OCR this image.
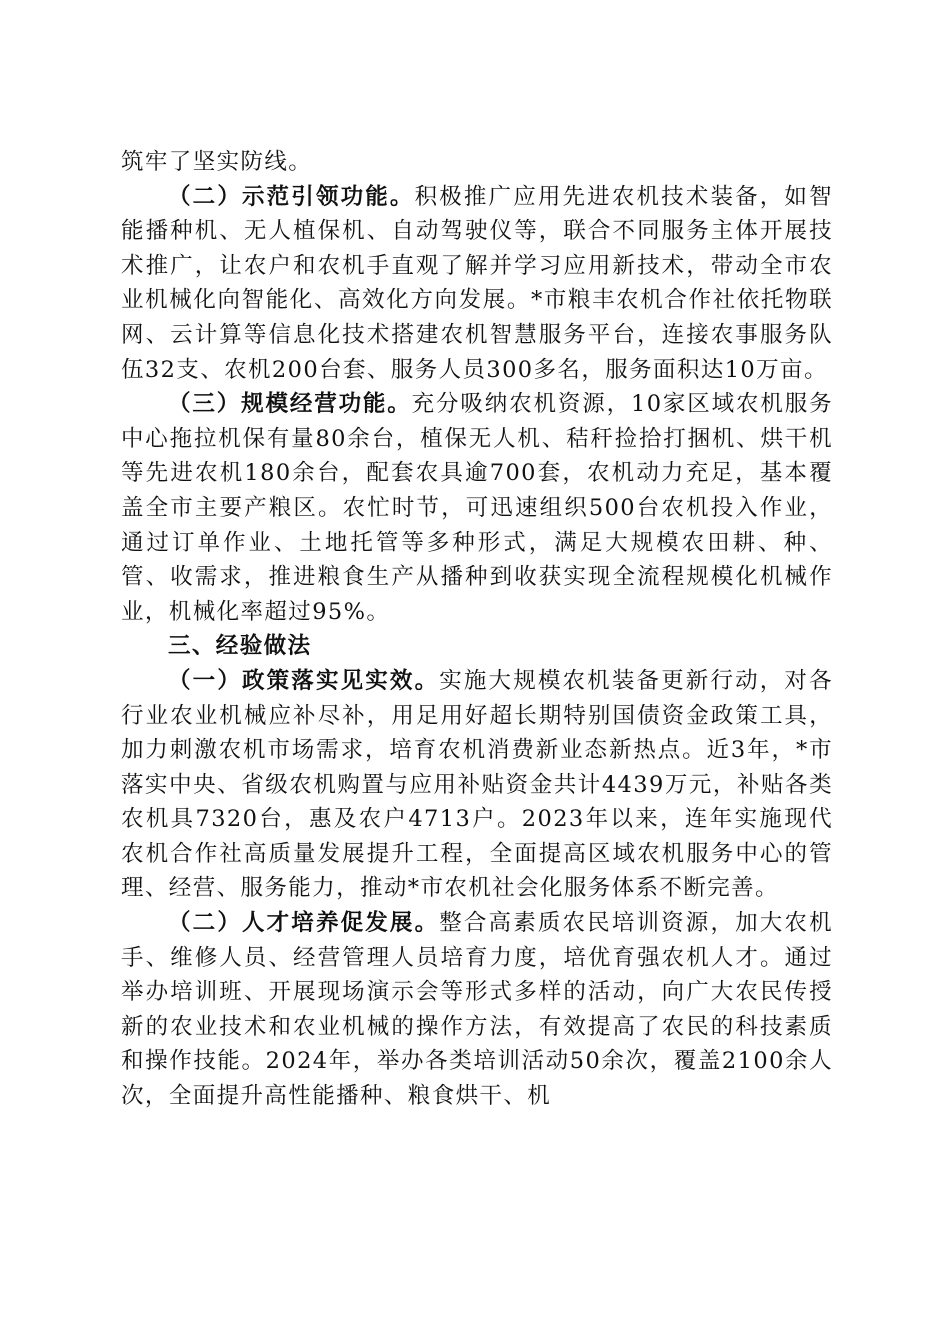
筑牢了坚实防线。

（二）示范引领功能。积极推广应用先进农机技术装备，如智能播种机、无人植保机、自动驾驶仪等，联合不同服务主体开展技术推广，让农户和农机手直观了解并学习应用新技术，带动全市农业机械化向智能化、高效化方向发展。*市粮丰农机合作社依托物联网、云计算等信息化技术搭建农机智慧服务平台，连接农事服务队伍32支、农机200台套、服务人员300多名，服务面积达10万亩。

（三）规模经营功能。充分吸纳农机资源，10家区域农机服务中心拖拉机保有量80余台，植保无人机、秸秆捡拾打捆机、烘干机等先进农机180余台，配套农具逾700套，农机动力充足，基本覆盖全市主要产粮区。农忙时节，可迅速组织500台农机投入作业，通过订单作业、土地托管等多种形式，满足大规模农田耕、种、管、收需求，推进粮食生产从播种到收获实现全流程规模化机械作业，机械化率超过95%。

三、经验做法

（一）政策落实见实效。实施大规模农机装备更新行动，对各行业农业机械应补尽补，用足用好超长期特别国债资金政策工具，加力刺激农机市场需求，培育农机消费新业态新热点。近3年，*市落实中央、省级农机购置与应用补贴资金共计4439万元，补贴各类农机具7320台，惠及农户4713户。2023年以来，连年实施现代农机合作社高质量发展提升工程，全面提高区域农机服务中心的管理、经营、服务能力，推动*市农机社会化服务体系不断完善。

（二）人才培养促发展。整合高素质农民培训资源，加大农机手、维修人员、经营管理人员培育力度，培优育强农机人才。通过举办培训班、开展现场演示会等形式多样的活动，向广大农民传授新的农业技术和农业机械的操作方法，有效提高了农民的科技素质和操作技能。2024年，举办各类培训活动50余次，覆盖2100余人次，全面提升高性能播种、粮食烘干、机
